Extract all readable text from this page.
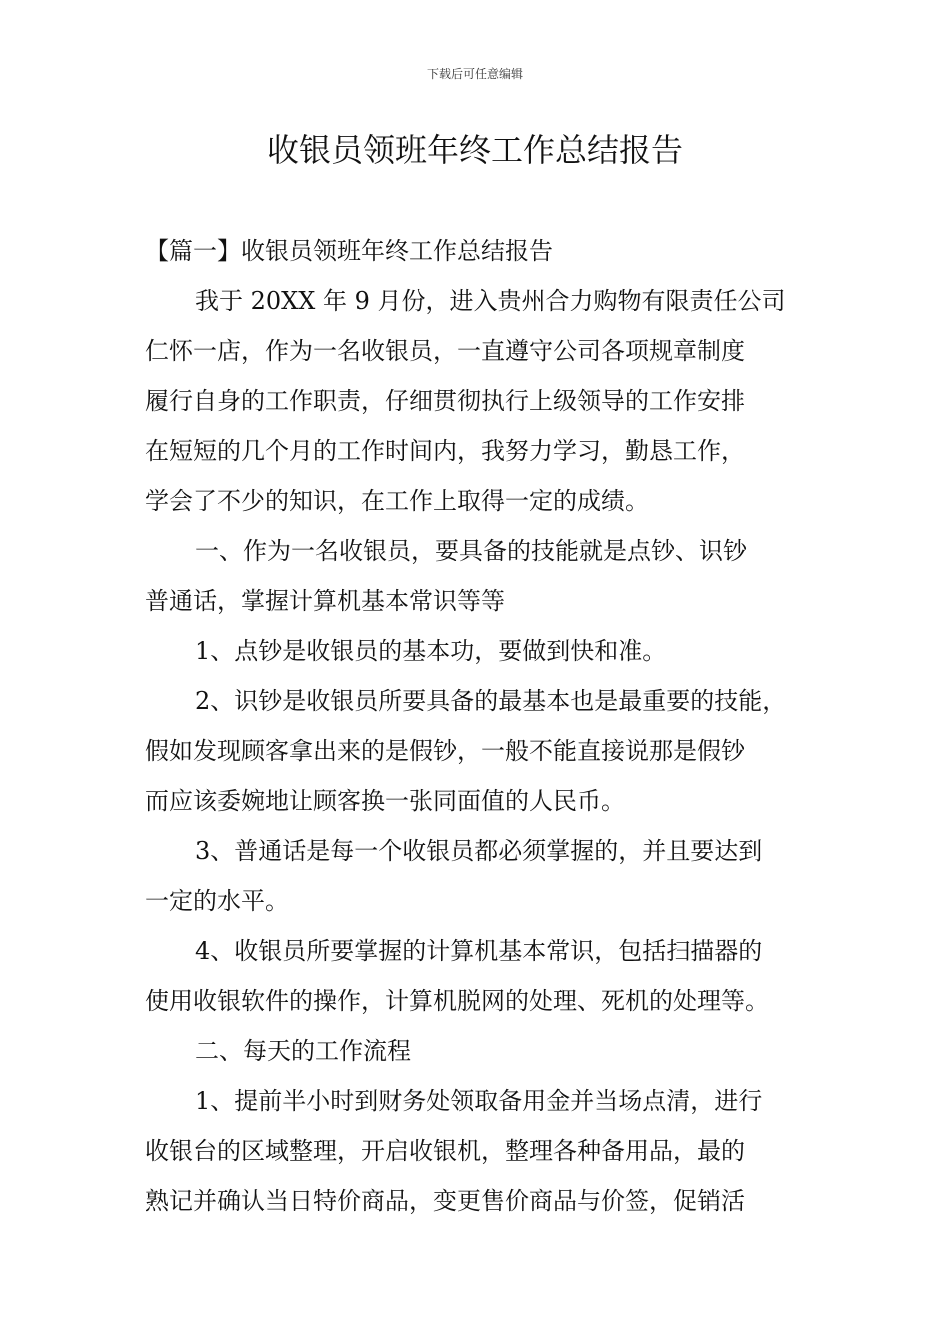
下载后可任意编辑
收银员领班年终工作总结报告
【篇一】收银员领班年终工作总结报告
我于 20XX 年 9 月份，进入贵州合力购物有限责任公司
仁怀一店，作为一名收银员，一直遵守公司各项规章制度
履行自身的工作职责，仔细贯彻执行上级领导的工作安排
在短短的几个月的工作时间内，我努力学习，勤恳工作，
学会了不少的知识，在工作上取得一定的成绩。
一、作为一名收银员，要具备的技能就是点钞、识钞
普通话，掌握计算机基本常识等等
1、点钞是收银员的基本功，要做到快和准。
2、识钞是收银员所要具备的最基本也是最重要的技能，
假如发现顾客拿出来的是假钞，一般不能直接说那是假钞
而应该委婉地让顾客换一张同面值的人民币。
3、普通话是每一个收银员都必须掌握的，并且要达到
一定的水平。
4、收银员所要掌握的计算机基本常识，包括扫描器的
使用收银软件的操作，计算机脱网的处理、死机的处理等。
二、每天的工作流程
1、提前半小时到财务处领取备用金并当场点清，进行
收银台的区域整理，开启收银机，整理各种备用品，最的
熟记并确认当日特价商品，变更售价商品与价签，促销活
